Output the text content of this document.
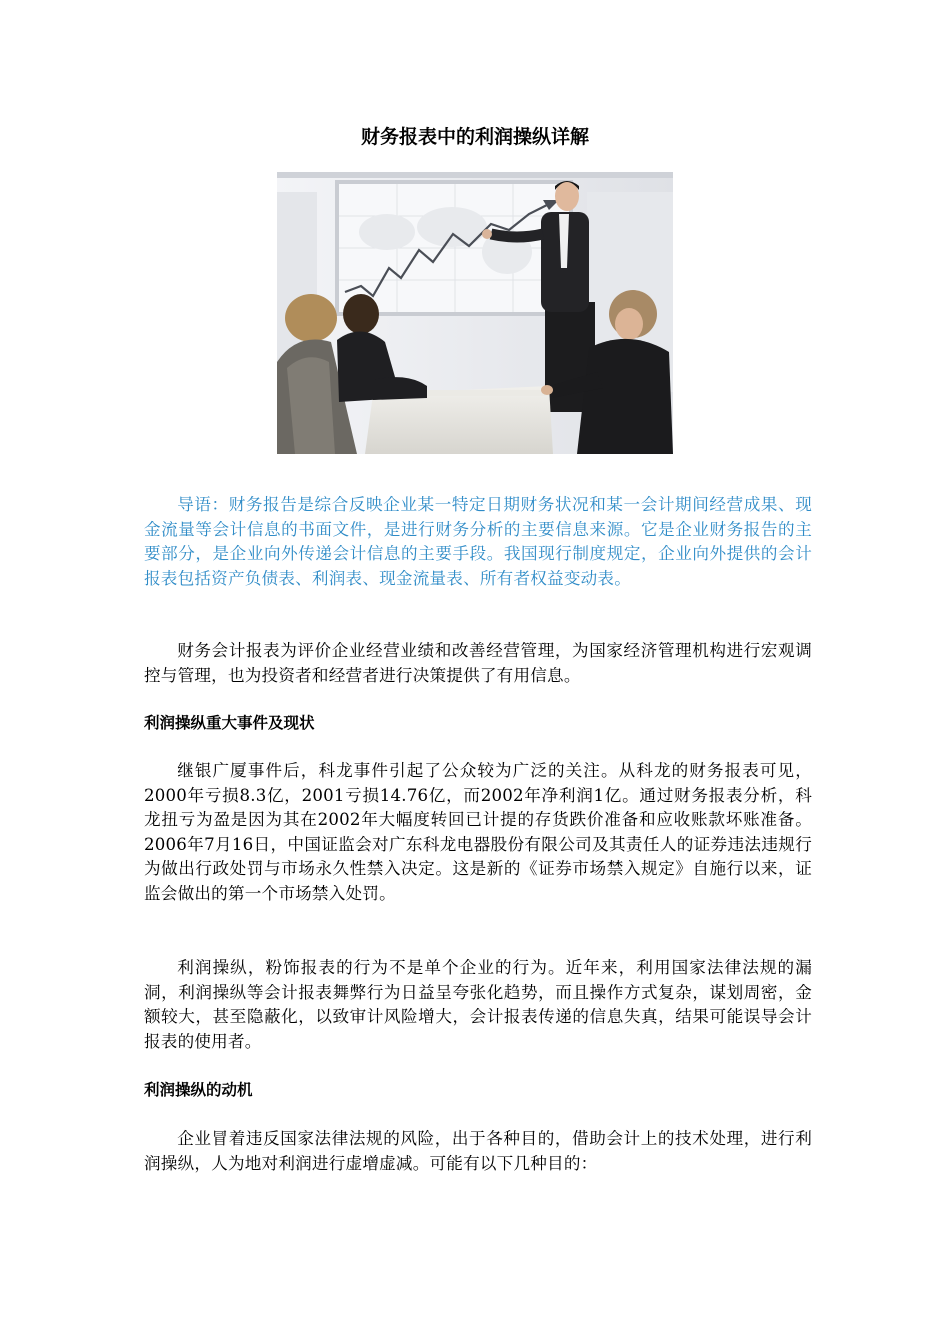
财务报表中的利润操纵详解

导语：财务报告是综合反映企业某一特定日期财务状况和某一会计期间经营成果、现金流量等会计信息的书面文件，是进行财务分析的主要信息来源。它是企业财务报告的主要部分，是企业向外传递会计信息的主要手段。我国现行制度规定，企业向外提供的会计报表包括资产负债表、利润表、现金流量表、所有者权益变动表。

财务会计报表为评价企业经营业绩和改善经营管理，为国家经济管理机构进行宏观调控与管理，也为投资者和经营者进行决策提供了有用信息。

利润操纵重大事件及现状

继银广厦事件后，科龙事件引起了公众较为广泛的关注。从科龙的财务报表可见，2000年亏损8.3亿，2001亏损14.76亿，而2002年净利润1亿。通过财务报表分析，科龙扭亏为盈是因为其在2002年大幅度转回已计提的存货跌价准备和应收账款坏账准备。2006年7月16日，中国证监会对广东科龙电器股份有限公司及其责任人的证券违法违规行为做出行政处罚与市场永久性禁入决定。这是新的《证券市场禁入规定》自施行以来，证监会做出的第一个市场禁入处罚。

利润操纵，粉饰报表的行为不是单个企业的行为。近年来，利用国家法律法规的漏洞，利润操纵等会计报表舞弊行为日益呈夸张化趋势，而且操作方式复杂，谋划周密，金额较大，甚至隐蔽化，以致审计风险增大，会计报表传递的信息失真，结果可能误导会计报表的使用者。

利润操纵的动机

企业冒着违反国家法律法规的风险，出于各种目的，借助会计上的技术处理，进行利润操纵，人为地对利润进行虚增虚减。可能有以下几种目的：
